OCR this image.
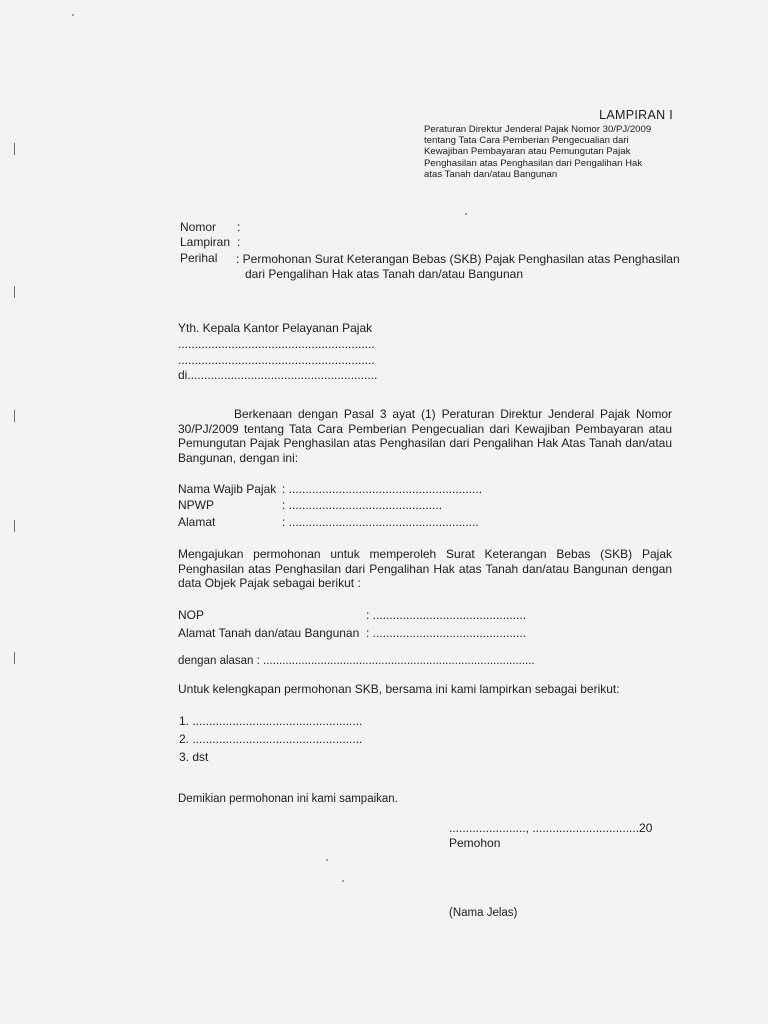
LAMPIRAN I
Peraturan Direktur Jenderal Pajak Nomor 30/PJ/2009
tentang Tata Cara Pemberian Pengecualian dari
Kewajiban Pembayaran atau Pemungutan Pajak
Penghasilan atas Penghasilan dari Pengalihan Hak
atas Tanah dan/atau Bangunan
Nomor :
Lampiran :
Perihal : Permohonan Surat Keterangan Bebas (SKB) Pajak Penghasilan atas Penghasilan
dari Pengalihan Hak atas Tanah dan/atau Bangunan
Yth. Kepala Kantor Pelayanan Pajak
...........................................................
...........................................................
di.........................................................
Berkenaan dengan Pasal 3 ayat (1) Peraturan Direktur Jenderal Pajak Nomor 30/PJ/2009 tentang Tata Cara Pemberian Pengecualian dari Kewajiban Pembayaran atau Pemungutan Pajak Penghasilan atas Penghasilan dari Pengalihan Hak Atas Tanah dan/atau Bangunan, dengan ini:
Nama Wajib Pajak : ..........................................................
NPWP	: ..............................................
Alamat	: .........................................................
Mengajukan permohonan untuk memperoleh Surat Keterangan Bebas (SKB) Pajak Penghasilan atas Penghasilan dari Pengalihan Hak atas Tanah dan/atau Bangunan dengan data Objek Pajak sebagai berikut :
NOP	: ..............................................
Alamat Tanah dan/atau Bangunan : ..............................................
dengan alasan : .....................................................................................
Untuk kelengkapan permohonan SKB, bersama ini kami lampirkan sebagai berikut:
1. ...................................................
2. ...................................................
3. dst
Demikian permohonan ini kami sampaikan.
......................., ................................20
Pemohon
(Nama Jelas)
